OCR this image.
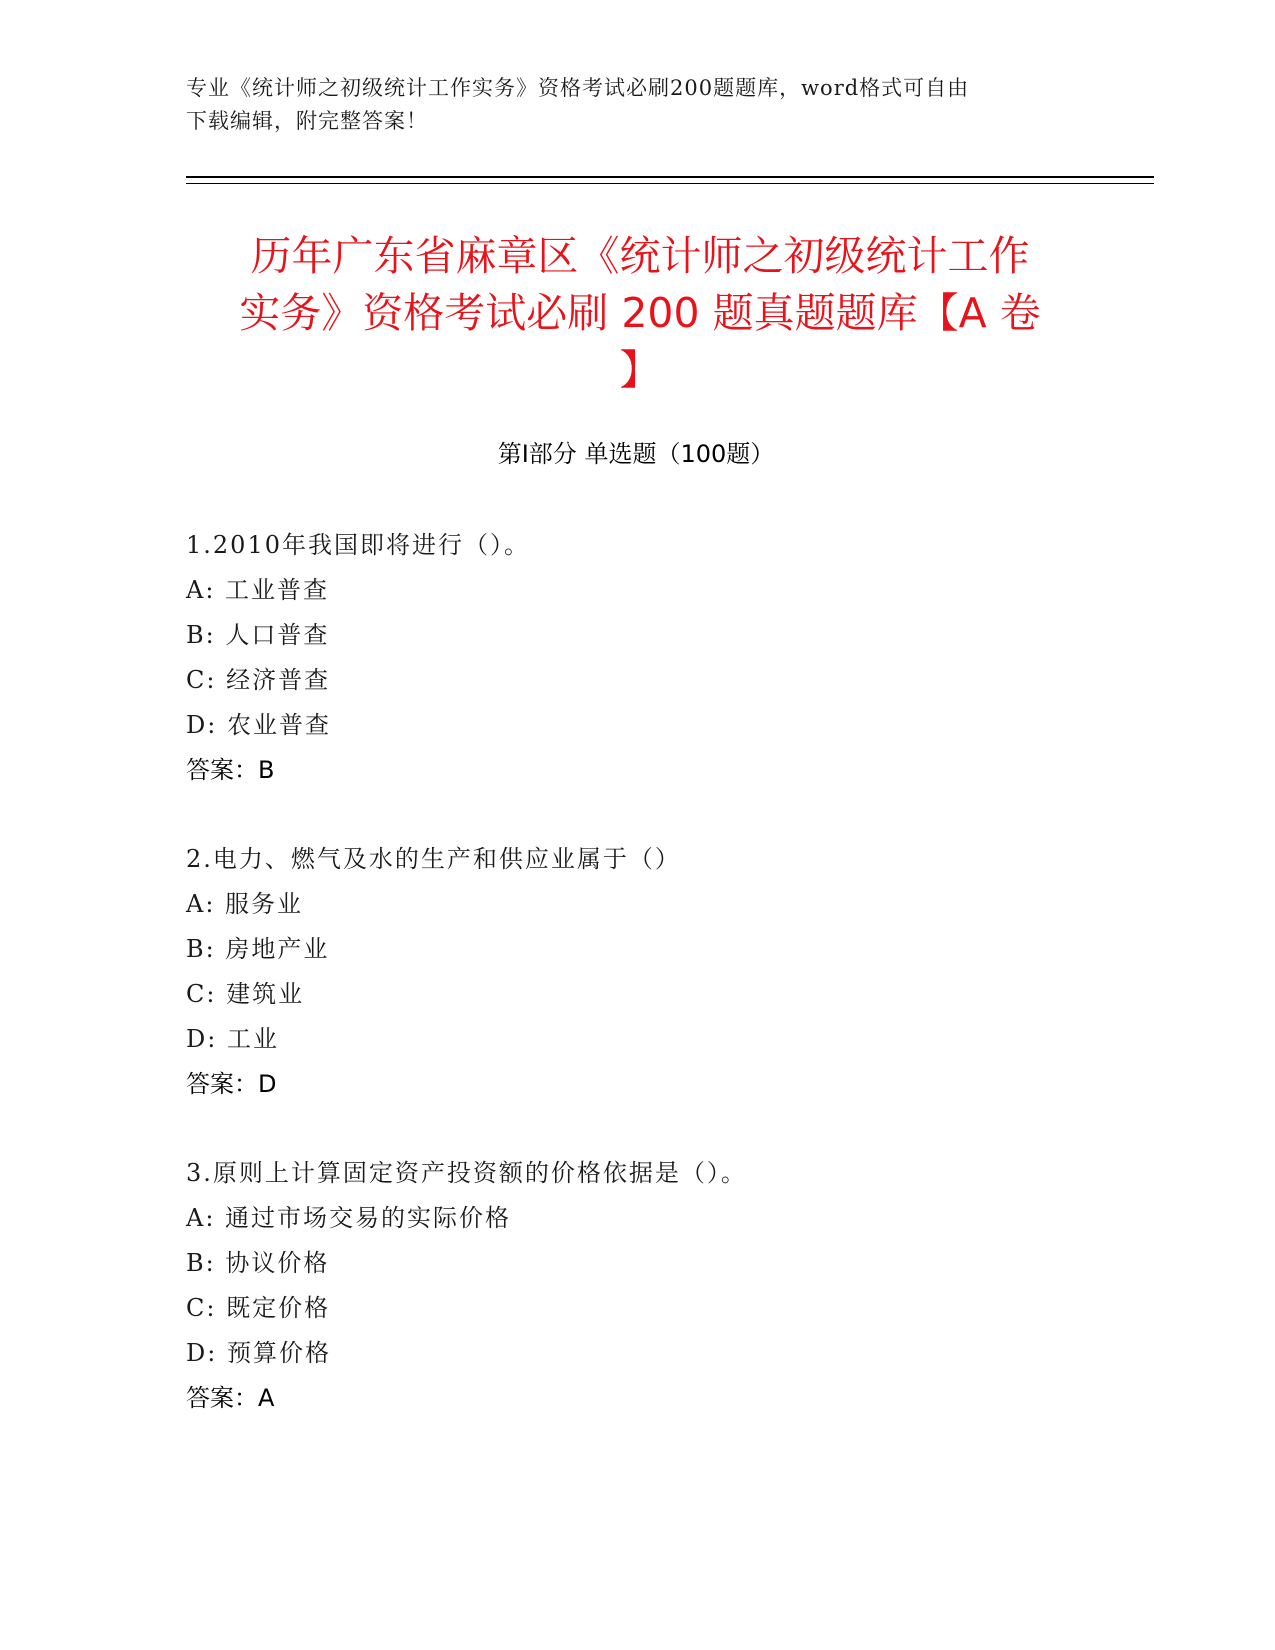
专业《统计师之初级统计工作实务》资格考试必刷200题题库，word格式可自由
下载编辑，附完整答案！
历年广东省麻章区《统计师之初级统计工作
实务》资格考试必刷 200 题真题题库【A 卷
】
第Ⅰ部分 单选题（100题）
1.2010年我国即将进行（）。
A: 工业普查
B: 人口普查
C: 经济普查
D: 农业普查
答案：B
2.电力、燃气及水的生产和供应业属于（）
A: 服务业
B: 房地产业
C: 建筑业
D: 工业
答案：D
3.原则上计算固定资产投资额的价格依据是（）。
A: 通过市场交易的实际价格
B: 协议价格
C: 既定价格
D: 预算价格
答案：A
